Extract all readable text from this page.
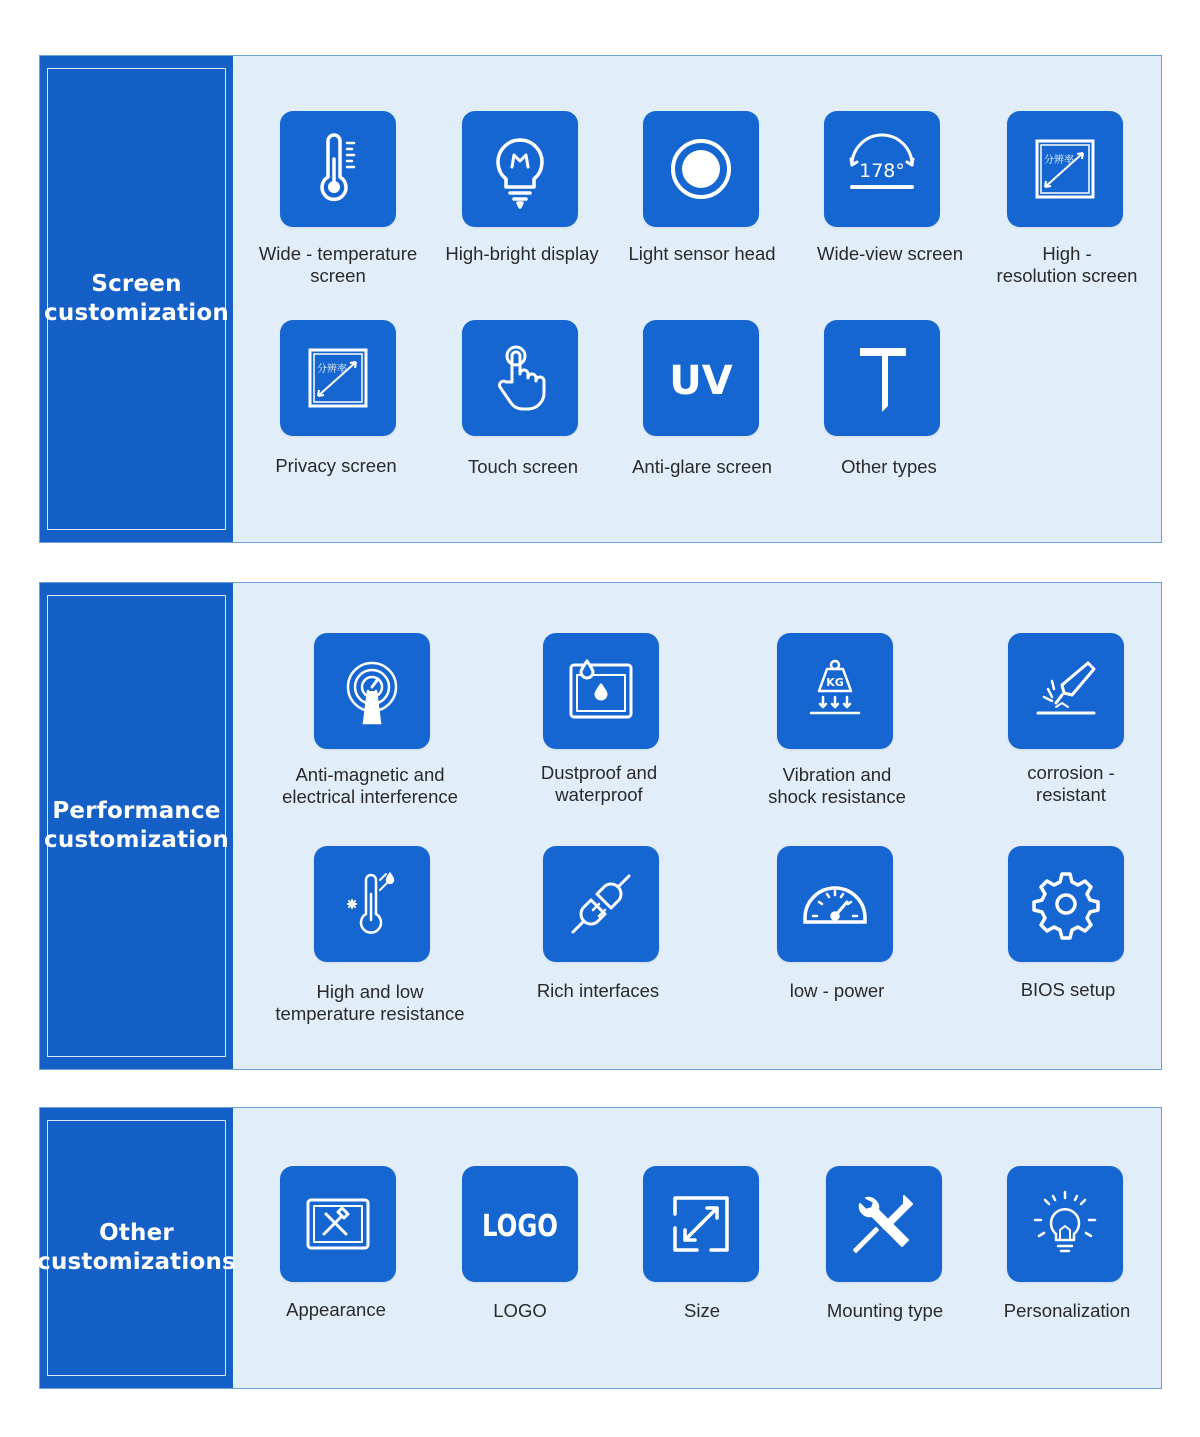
Screen
customization
Wide - temperature
screen
High-bright display	Light sensor head
178°
Wide-view screen
分辨率
High -
resolution screen
分辨率
Privacy screen	Touch screen
UV
Anti-glare screen	Other types
Performance
customization
Anti-magnetic and
electrical interference
Dustproof and
waterproof
KG
Vibration and
shock resistance
corrosion -
resistant
High and low
temperature resistance
Rich interfaces	low - power	BIOS setup
Other
customizations
Appearance
LOGO
LOGO	Size	Mounting type	Personalization
